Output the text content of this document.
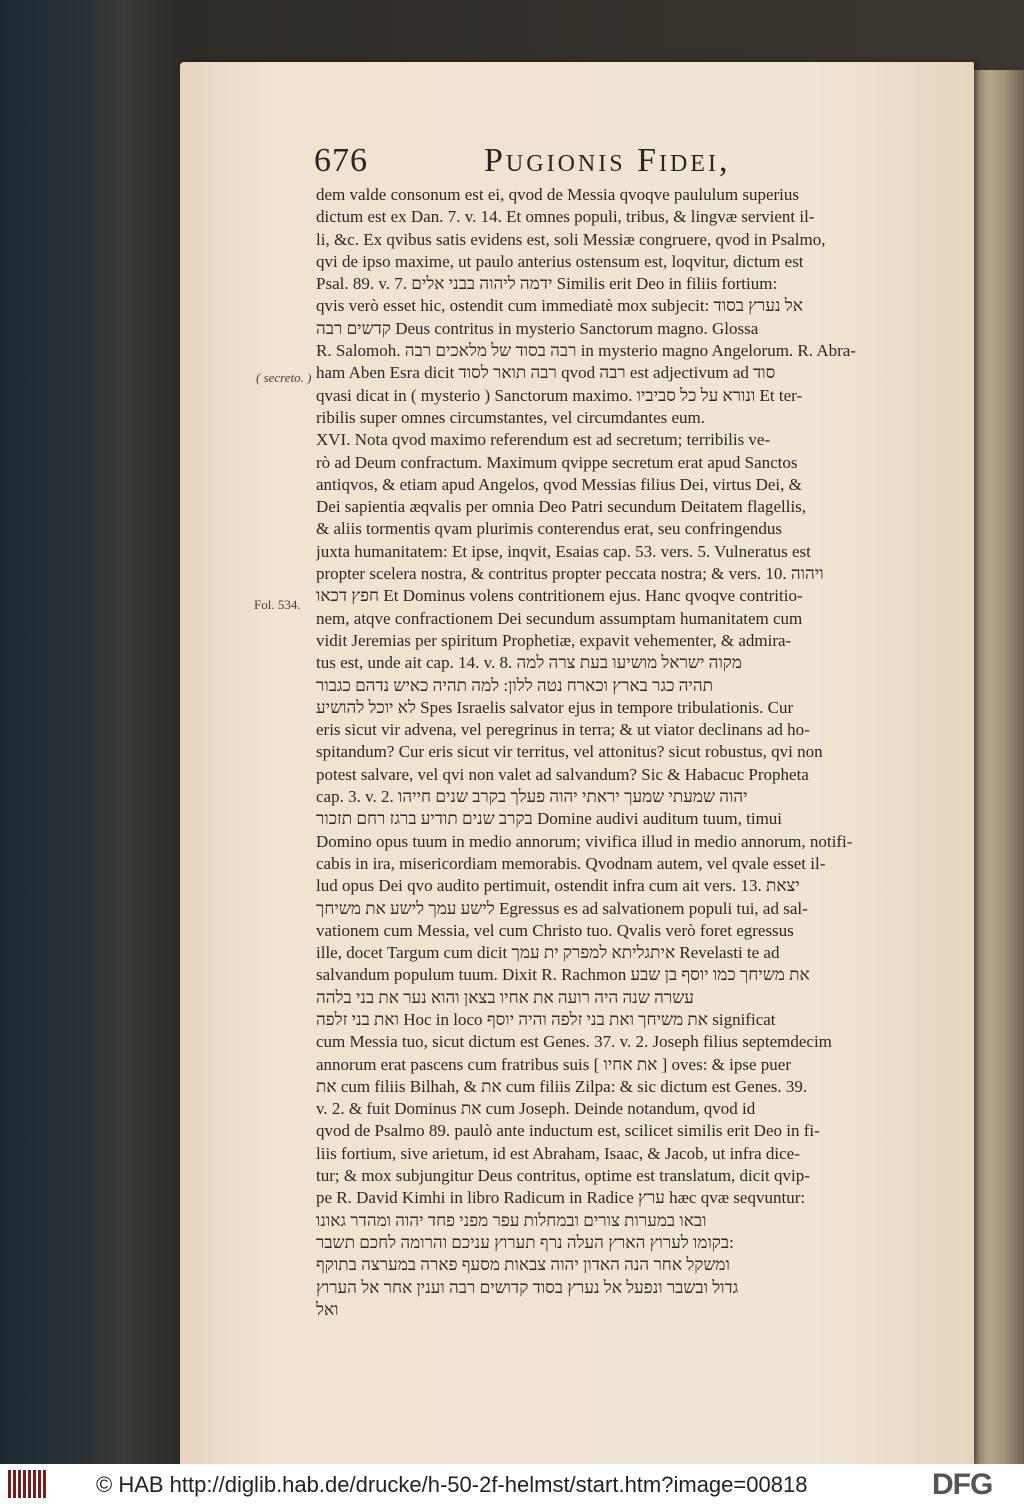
676	Pugionis Fidei,
( secreto. )
Fol. 534.
dem valde consonum est ei, qvod de Messia qvoqve paululum superius
dictum est ex Dan. 7. v. 14. Et omnes populi, tribus, & lingvæ servient il-
li, &c. Ex qvibus satis evidens est, soli Messiæ congruere, qvod in Psalmo,
qvi de ipso maxime, ut paulo anterius ostensum est, loqvitur, dictum est
Psal. 89. v. 7. ידמה ליהוה בבני אלים Similis erit Deo in filiis fortium:
qvis verò esset hic, ostendit cum immediatè mox subjecit: אל נערץ בסוד
קדשים רבה Deus contritus in mysterio Sanctorum magno. Glossa
R. Salomoh. רבה בסוד של מלאכים רבה in mysterio magno Angelorum. R. Abra-
ham Aben Esra dicit רבה תואר לסוד qvod רבה est adjectivum ad סוד
qvasi dicat in ( mysterio ) Sanctorum maximo. ונורא על כל סביביו Et ter-
ribilis super omnes circumstantes, vel circumdantes eum.
XVI. Nota qvod maximo referendum est ad secretum; terribilis ve-
rò ad Deum confractum. Maximum qvippe secretum erat apud Sanctos
antiqvos, & etiam apud Angelos, qvod Messias filius Dei, virtus Dei, &
Dei sapientia æqvalis per omnia Deo Patri secundum Deitatem flagellis,
& aliis tormentis qvam plurimis conterendus erat, seu confringendus
juxta humanitatem: Et ipse, inqvit, Esaias cap. 53. vers. 5. Vulneratus est
propter scelera nostra, & contritus propter peccata nostra; & vers. 10. ויהוה
חפץ דכאו Et Dominus volens contritionem ejus. Hanc qvoqve contritio-
nem, atqve confractionem Dei secundum assumptam humanitatem cum
vidit Jeremias per spiritum Prophetiæ, expavit vehementer, & admira-
tus est, unde ait cap. 14. v. 8. מקוה ישראל מושיעו בעת צרה למה
תהיה כגר בארץ וכארח נטה ללון: למה תהיה כאיש נדהם כגבור
לא יוכל להושיע Spes Israelis salvator ejus in tempore tribulationis. Cur
eris sicut vir advena, vel peregrinus in terra; & ut viator declinans ad ho-
spitandum? Cur eris sicut vir territus, vel attonitus? sicut robustus, qvi non
potest salvare, vel qvi non valet ad salvandum? Sic & Habacuc Propheta
cap. 3. v. 2. יהוה שמעתי שמעך יראתי יהוה פעלך בקרב שנים חייהו
בקרב שנים תודיע ברגז רחם תזכור Domine audivi auditum tuum, timui
Domino opus tuum in medio annorum; vivifica illud in medio annorum, notifi-
cabis in ira, misericordiam memorabis. Qvodnam autem, vel qvale esset il-
lud opus Dei qvo audito pertimuit, ostendit infra cum ait vers. 13. יצאת
לישע עמך לישע את משיחך Egressus es ad salvationem populi tui, ad sal-
vationem cum Messia, vel cum Christo tuo. Qvalis verò foret egressus
ille, docet Targum cum dicit איתגליתא למפרק ית עמך Revelasti te ad
salvandum populum tuum. Dixit R. Rachmon את משיחך כמו יוסף בן שבע
עשרה שנה היה רועה את אחיו בצאן והוא נער את בני בלהה
ואת בני זלפה Hoc in loco את משיחך ואת בני זלפה והיה יוסף significat
cum Messia tuo, sicut dictum est Genes. 37. v. 2. Joseph filius septemdecim
annorum erat pascens cum fratribus suis [ את אחיו ] oves: & ipse puer
את cum filiis Bilhah, & את cum filiis Zilpa: & sic dictum est Genes. 39.
v. 2. & fuit Dominus את cum Joseph. Deinde notandum, qvod id
qvod de Psalmo 89. paulò ante inductum est, scilicet similis erit Deo in fi-
liis fortium, sive arietum, id est Abraham, Isaac, & Jacob, ut infra dice-
tur; & mox subjungitur Deus contritus, optime est translatum, dicit qvip-
pe R. David Kimhi in libro Radicum in Radice ערץ hæc qvæ seqvuntur:
ובאו במערות צורים ובמחלות עפר מפני פחד יהוה ומהדר גאונו
בקומו לערוץ הארץ העלה נרף תערוץ עניכם והרומה לחכם תשבר:
ומשקל אחר הנה האדון יהוה צבאות מסעף פארה במערצה בתוקף
גדול ובשבר ונפעל אל נערץ בסוד קדושים רבה וענין אחר אל הערוץ
ואל
© HAB http://diglib.hab.de/drucke/h-50-2f-helmst/start.htm?image=00818	DFG
